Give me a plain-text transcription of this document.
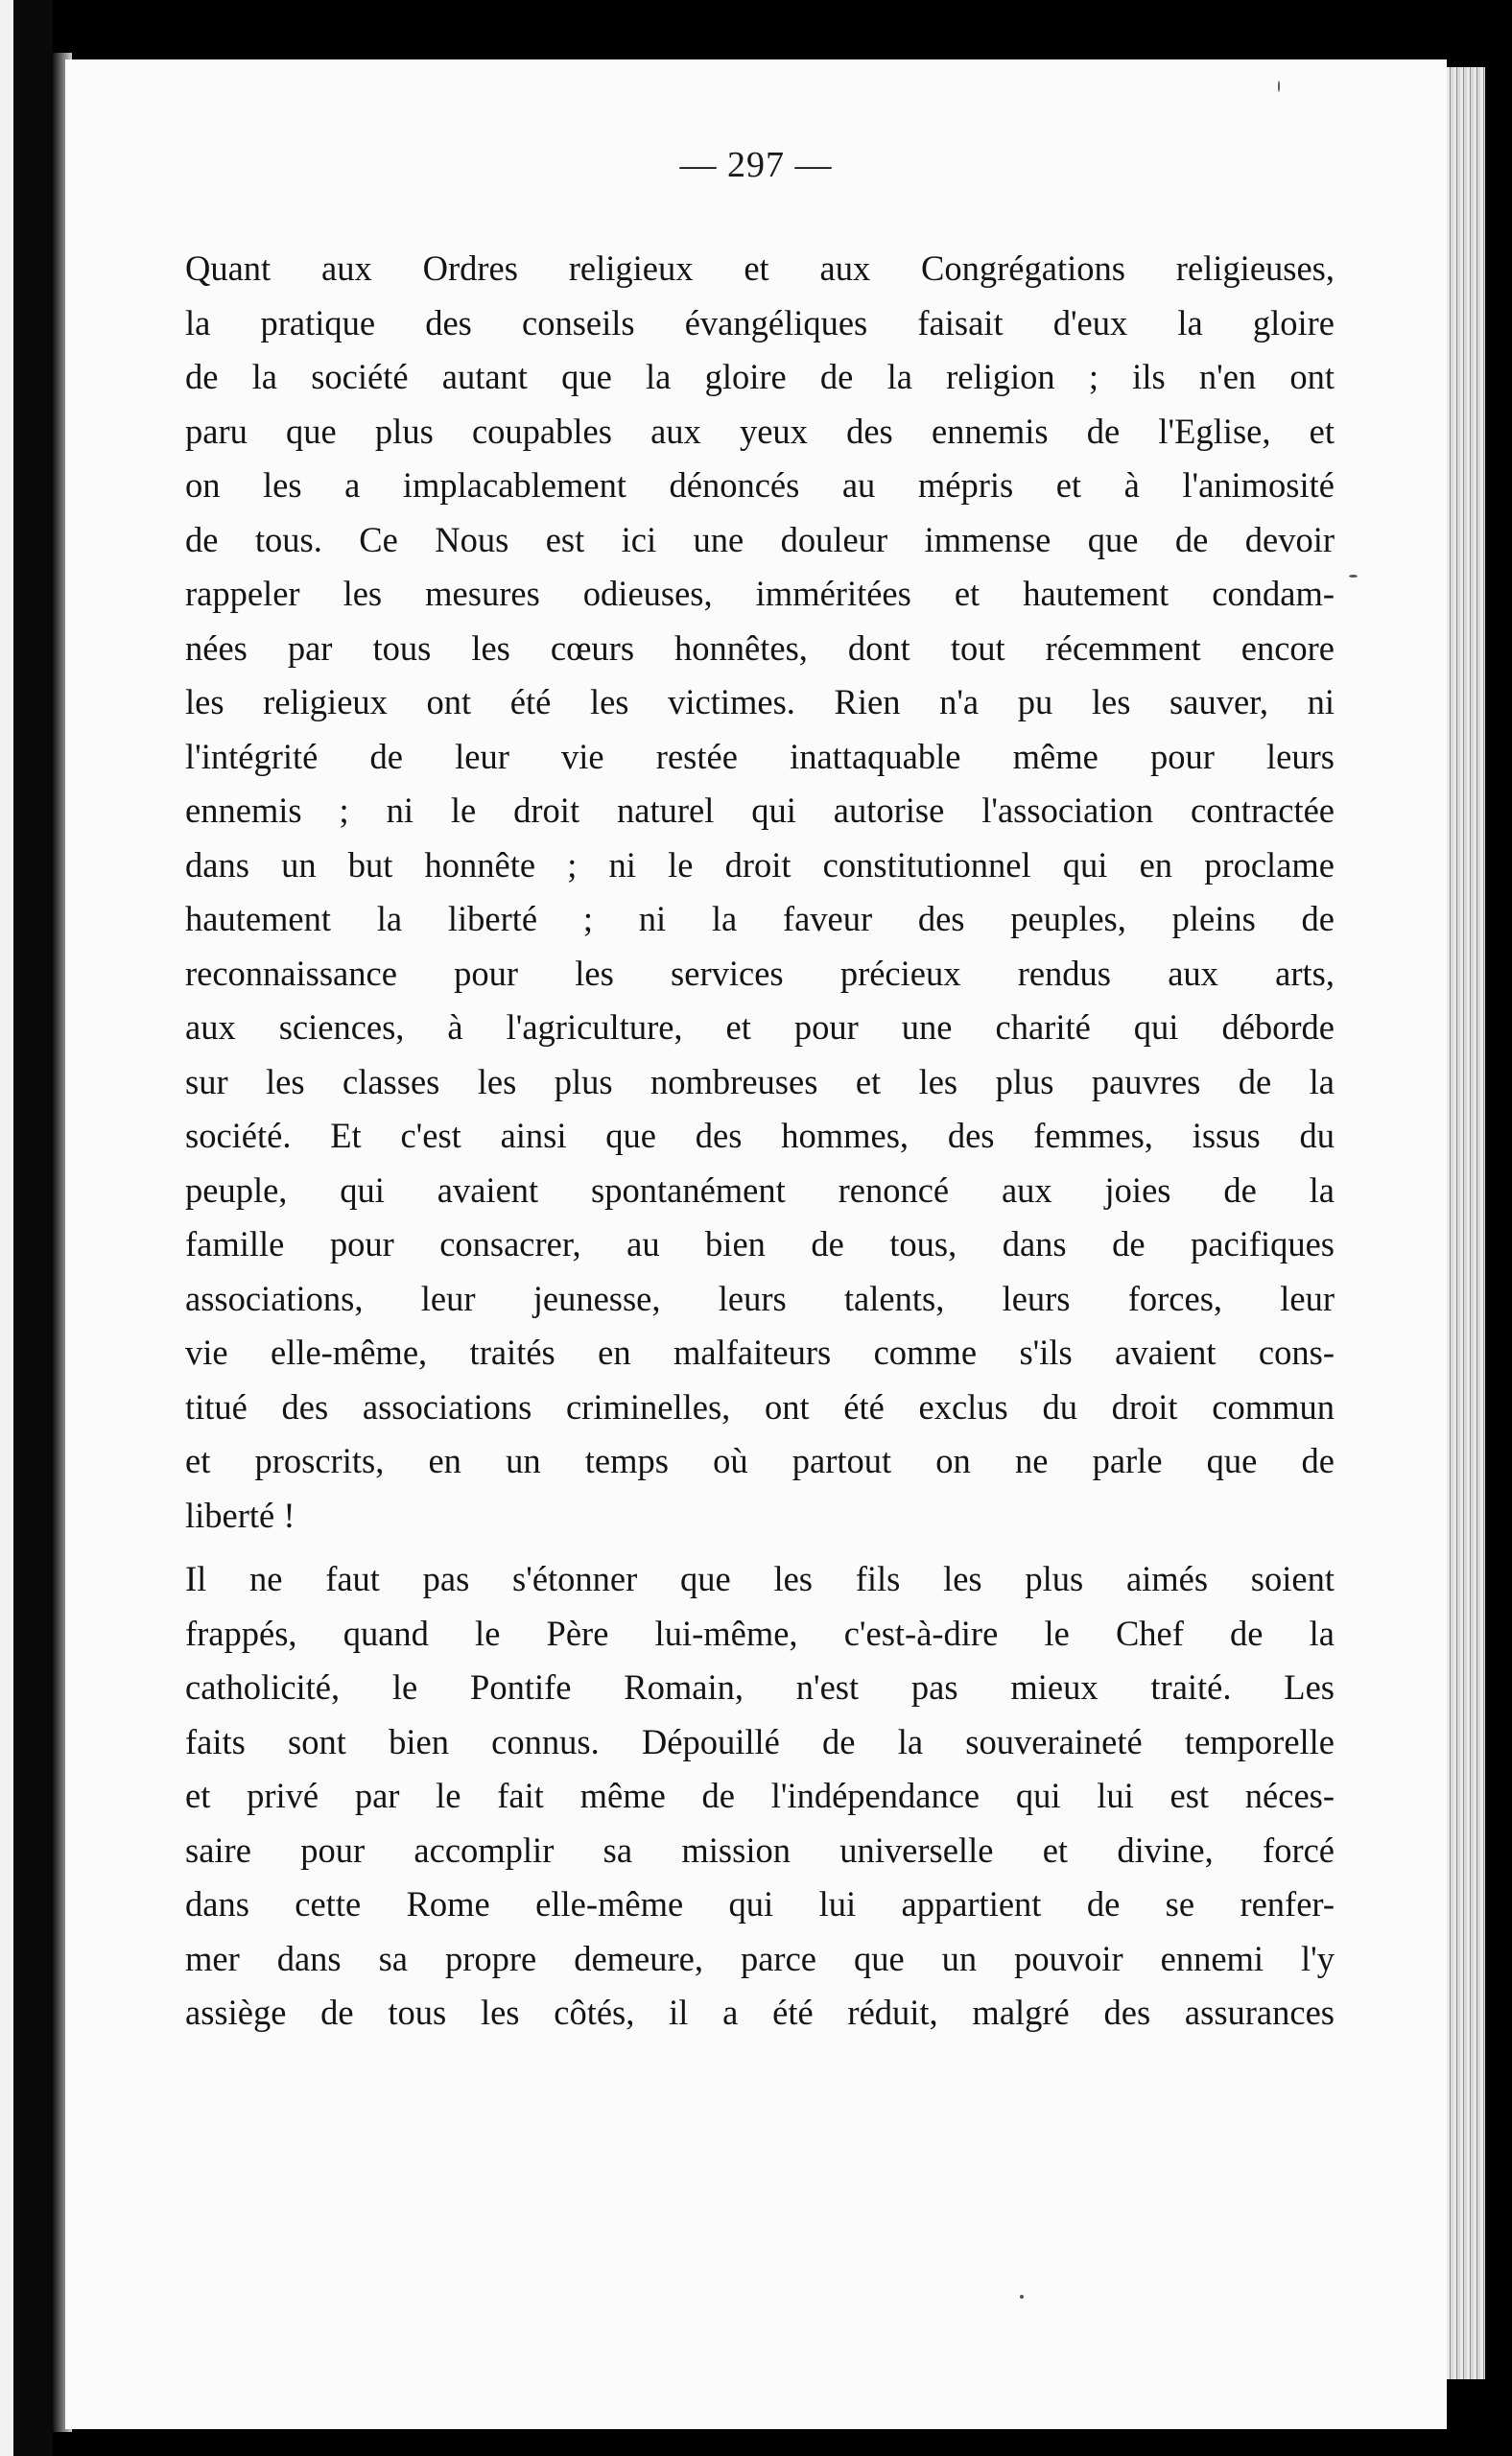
— 297 —
Quant aux Ordres religieux et aux Congrégations religieuses,
la pratique des conseils évangéliques faisait d'eux la gloire
de la société autant que la gloire de la religion ; ils n'en ont
paru que plus coupables aux yeux des ennemis de l'Eglise, et
on les a implacablement dénoncés au mépris et à l'animosité
de tous. Ce Nous est ici une douleur immense que de devoir
rappeler les mesures odieuses, imméritées et hautement condam-
nées par tous les cœurs honnêtes, dont tout récemment encore
les religieux ont été les victimes. Rien n'a pu les sauver, ni
l'intégrité de leur vie restée inattaquable même pour leurs
ennemis ; ni le droit naturel qui autorise l'association contractée
dans un but honnête ; ni le droit constitutionnel qui en proclame
hautement la liberté ; ni la faveur des peuples, pleins de
reconnaissance pour les services précieux rendus aux arts,
aux sciences, à l'agriculture, et pour une charité qui déborde
sur les classes les plus nombreuses et les plus pauvres de la
société. Et c'est ainsi que des hommes, des femmes, issus du
peuple, qui avaient spontanément renoncé aux joies de la
famille pour consacrer, au bien de tous, dans de pacifiques
associations, leur jeunesse, leurs talents, leurs forces, leur
vie elle-même, traités en malfaiteurs comme s'ils avaient cons-
titué des associations criminelles, ont été exclus du droit commun
et proscrits, en un temps où partout on ne parle que de
liberté !
Il ne faut pas s'étonner que les fils les plus aimés soient
frappés, quand le Père lui-même, c'est-à-dire le Chef de la
catholicité, le Pontife Romain, n'est pas mieux traité. Les
faits sont bien connus. Dépouillé de la souveraineté temporelle
et privé par le fait même de l'indépendance qui lui est néces-
saire pour accomplir sa mission universelle et divine, forcé
dans cette Rome elle-même qui lui appartient de se renfer-
mer dans sa propre demeure, parce que un pouvoir ennemi l'y
assiège de tous les côtés, il a été réduit, malgré des assurances
